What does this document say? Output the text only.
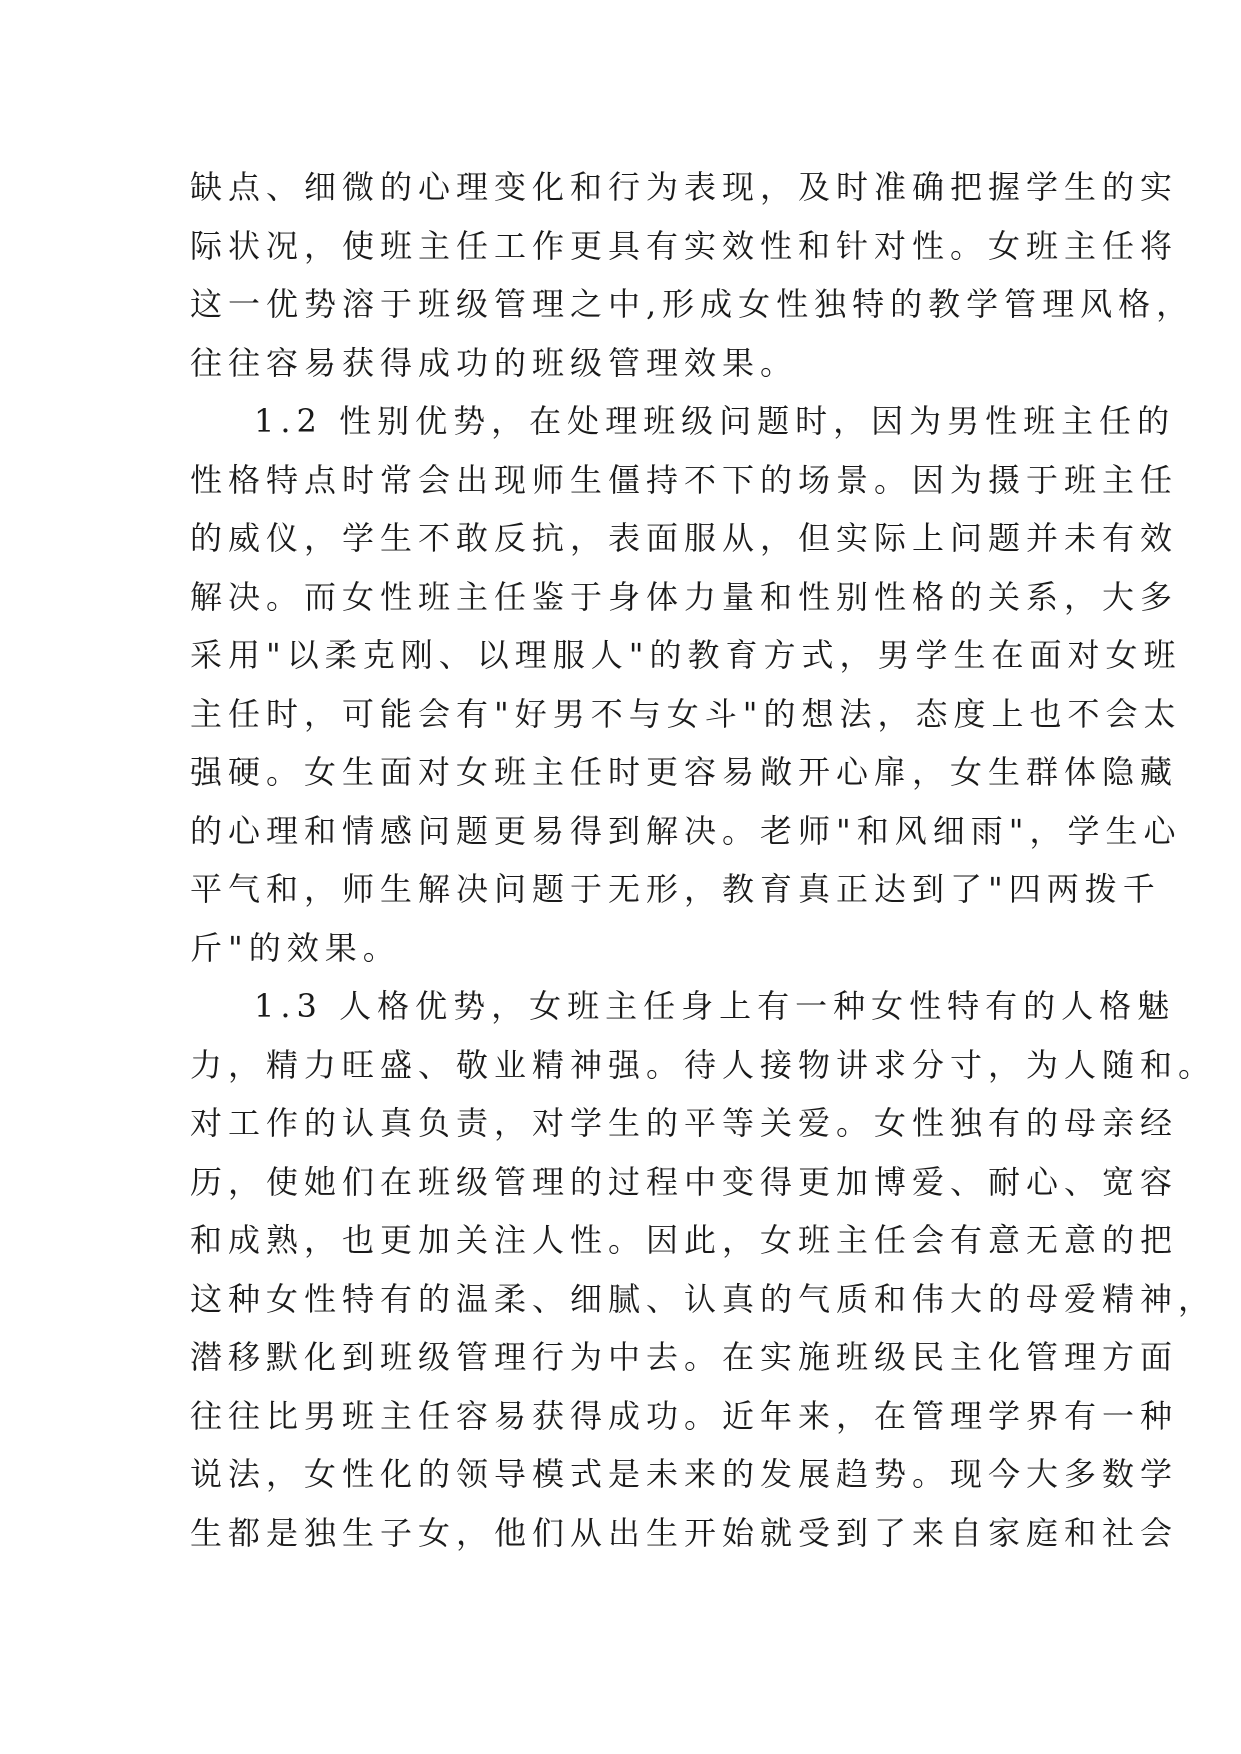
缺点、细微的心理变化和行为表现，及时准确把握学生的实
际状况，使班主任工作更具有实效性和针对性。女班主任将
这一优势溶于班级管理之中,形成女性独特的教学管理风格，
往往容易获得成功的班级管理效果。
1.2 性别优势，在处理班级问题时，因为男性班主任的
性格特点时常会出现师生僵持不下的场景。因为摄于班主任
的威仪，学生不敢反抗，表面服从，但实际上问题并未有效
解决。而女性班主任鉴于身体力量和性别性格的关系，大多
采用"以柔克刚、以理服人"的教育方式，男学生在面对女班
主任时，可能会有"好男不与女斗"的想法，态度上也不会太
强硬。女生面对女班主任时更容易敞开心扉，女生群体隐藏
的心理和情感问题更易得到解决。老师"和风细雨"，学生心
平气和，师生解决问题于无形，教育真正达到了"四两拨千
斤"的效果。
1.3 人格优势，女班主任身上有一种女性特有的人格魅
力，精力旺盛、敬业精神强。待人接物讲求分寸，为人随和。
对工作的认真负责，对学生的平等关爱。女性独有的母亲经
历，使她们在班级管理的过程中变得更加博爱、耐心、宽容
和成熟，也更加关注人性。因此，女班主任会有意无意的把
这种女性特有的温柔、细腻、认真的气质和伟大的母爱精神，
潜移默化到班级管理行为中去。在实施班级民主化管理方面
往往比男班主任容易获得成功。近年来，在管理学界有一种
说法，女性化的领导模式是未来的发展趋势。现今大多数学
生都是独生子女，他们从出生开始就受到了来自家庭和社会
